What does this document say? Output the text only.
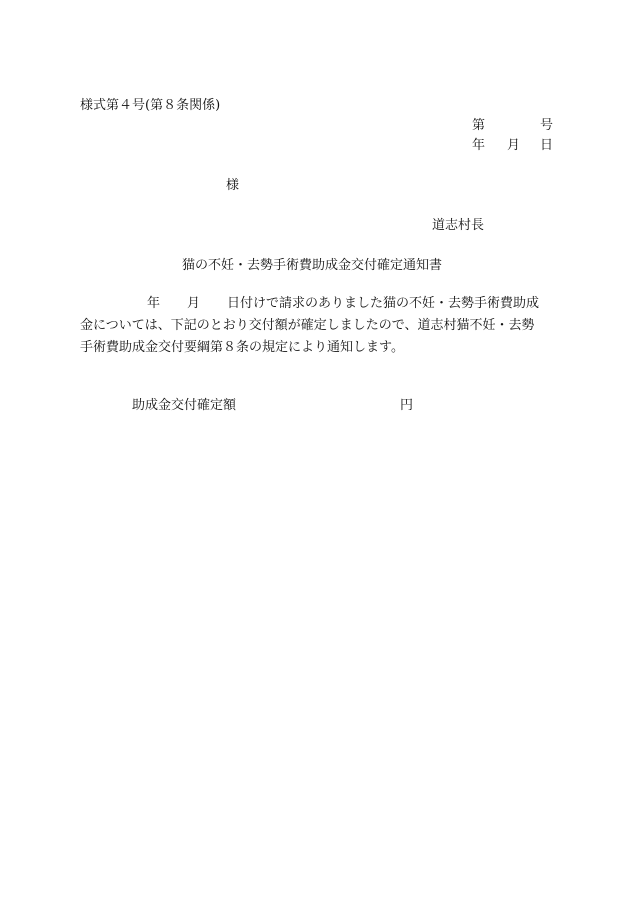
様式第４号(第８条関係)
第	号
年 月 日
様
道志村長
猫の不妊・去勢手術費助成金交付確定通知書
年 月 日付けで請求のありました猫の不妊・去勢手術費助成
金については、下記のとおり交付額が確定しましたので、道志村猫不妊・去勢
手術費助成金交付要綱第８条の規定により通知します。
助成金交付確定額	円
